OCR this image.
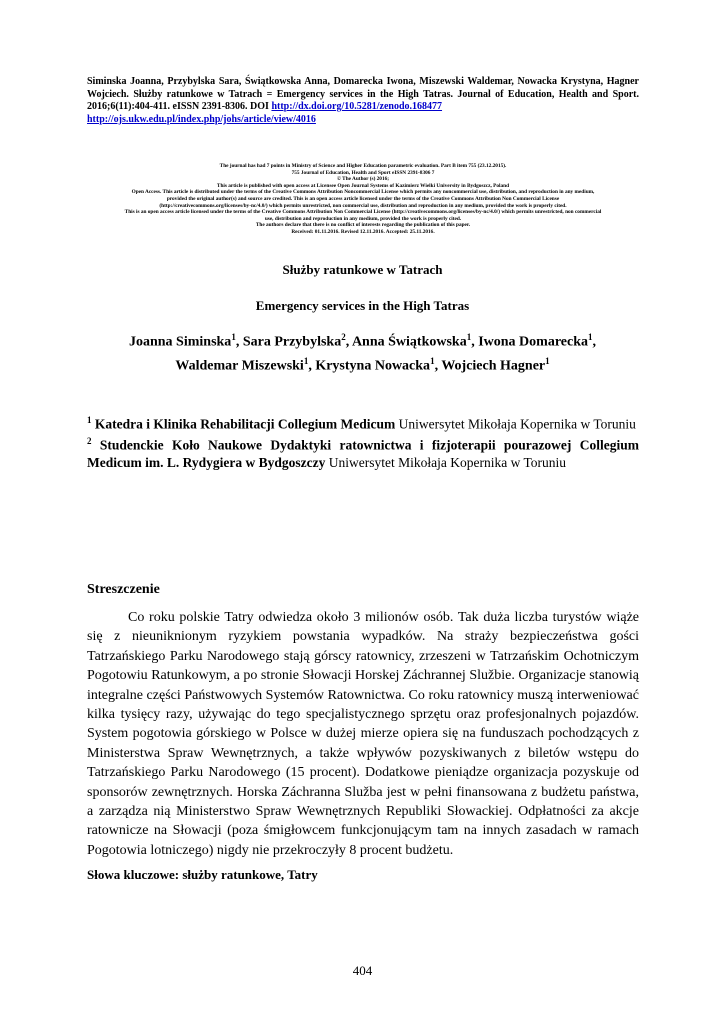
Siminska Joanna, Przybylska Sara, Świątkowska Anna, Domarecka Iwona, Miszewski Waldemar, Nowacka Krystyna, Hagner Wojciech. Służby ratunkowe w Tatrach = Emergency services in the High Tatras. Journal of Education, Health and Sport. 2016;6(11):404-411. eISSN 2391-8306. DOI http://dx.doi.org/10.5281/zenodo.168477
http://ojs.ukw.edu.pl/index.php/johs/article/view/4016

The journal has had 7 points in Ministry of Science and Higher Education parametric evaluation. Part B item 755 (23.12.2015).
755 Journal of Education, Health and Sport eISSN 2391-8306 7
© The Author (s) 2016;
This article is published with open access at Licensee Open Journal Systems of Kazimierz Wielki University in Bydgoszcz, Poland
Open Access. This article is distributed under the terms of the Creative Commons Attribution Noncommercial License which permits any noncommercial use, distribution, and reproduction in any medium,
provided the original author(s) and source are credited. This is an open access article licensed under the terms of the Creative Commons Attribution Non Commercial License
(http://creativecommons.org/licenses/by-nc/4.0/) which permits unrestricted, non commercial use, distribution and reproduction in any medium, provided the work is properly cited.
This is an open access article licensed under the terms of the Creative Commons Attribution Non Commercial License (http://creativecommons.org/licenses/by-nc/4.0/) which permits unrestricted, non commercial
use, distribution and reproduction in any medium, provided the work is properly cited.
The authors declare that there is no conflict of interests regarding the publication of this paper.
Received: 01.11.2016. Revised 12.11.2016. Accepted: 25.11.2016.
Służby ratunkowe w Tatrach
Emergency services in the High Tatras
Joanna Siminska$^1$, Sara Przybylska$^2$, Anna Świątkowska$^1$, Iwona Domarecka$^1$,
Waldemar Miszewski$^1$, Krystyna Nowacka$^1$, Wojciech Hagner$^1$

$^1$ Katedra i Klinika Rehabilitacji Collegium Medicum Uniwersytet Mikołaja Kopernika w Toruniu

$^2$ Studenckie Koło Naukowe Dydaktyki ratownictwa i fizjoterapii pourazowej Collegium Medicum im. L. Rydygiera w Bydgoszczy Uniwersytet Mikołaja Kopernika w Toruniu

Streszczenie

Co roku polskie Tatry odwiedza około 3 milionów osób. Tak duża liczba turystów wiąże się z nieuniknionym ryzykiem powstania wypadków. Na straży bezpieczeństwa gości Tatrzańskiego Parku Narodowego stają górscy ratownicy, zrzeszeni w Tatrzańskim Ochotniczym Pogotowiu Ratunkowym, a po stronie Słowacji Horskej Záchrannej Službie. Organizacje stanowią integralne części Państwowych Systemów Ratownictwa. Co roku ratownicy muszą interweniować kilka tysięcy razy, używając do tego specjalistycznego sprzętu oraz profesjonalnych pojazdów. System pogotowia górskiego w Polsce w dużej mierze opiera się na funduszach pochodzących z Ministerstwa Spraw Wewnętrznych, a także wpływów pozyskiwanych z biletów wstępu do Tatrzańskiego Parku Narodowego (15 procent). Dodatkowe pieniądze organizacja pozyskuje od sponsorów zewnętrznych. Horska Záchranna Služba jest w pełni finansowana z budżetu państwa, a zarządza nią Ministerstwo Spraw Wewnętrznych Republiki Słowackiej. Odpłatności za akcje ratownicze na Słowacji (poza śmigłowcem funkcjonującym tam na innych zasadach w ramach Pogotowia lotniczego) nigdy nie przekroczyły 8 procent budżetu.

Słowa kluczowe: służby ratunkowe, Tatry
404
